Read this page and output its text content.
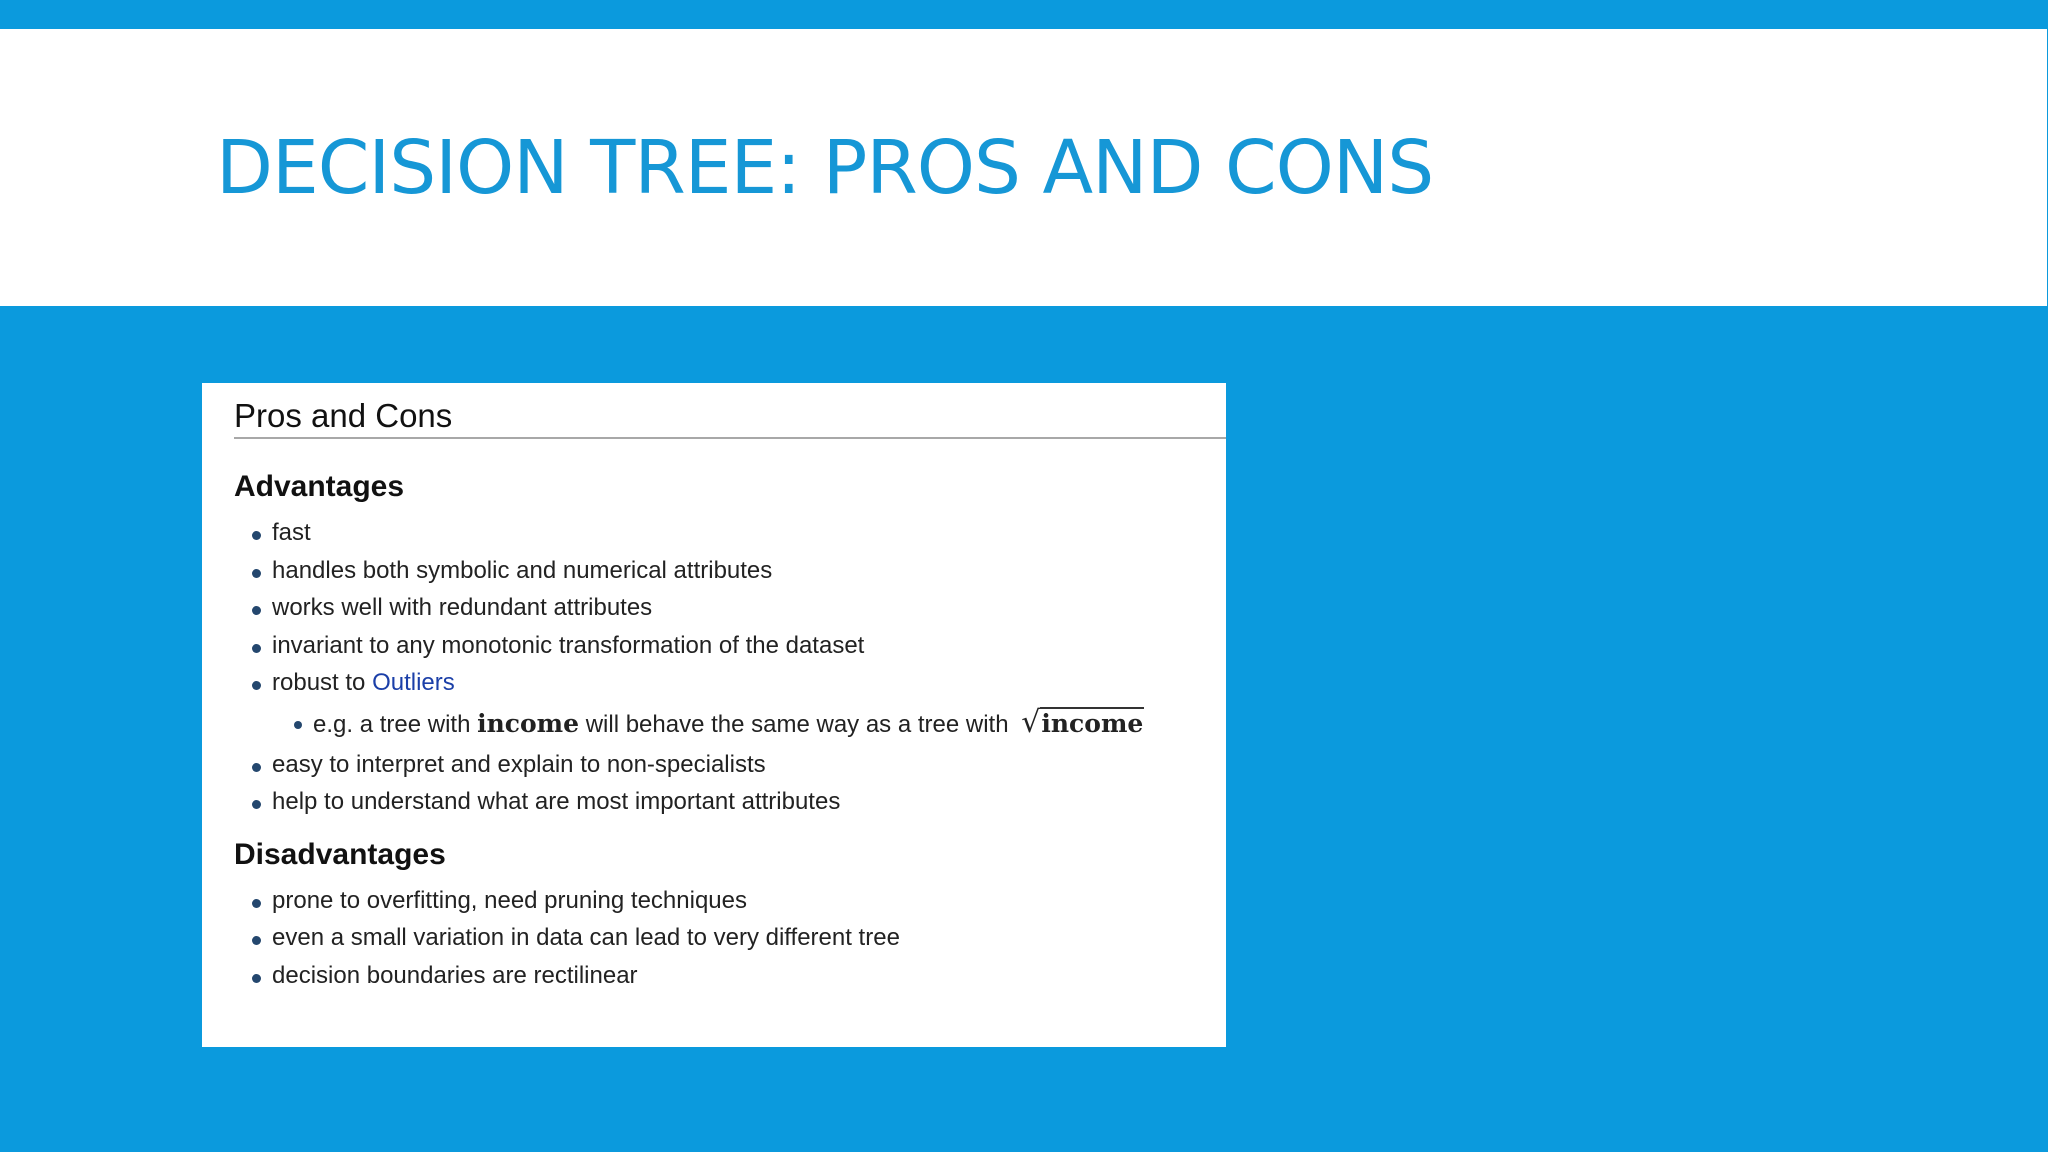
DECISION TREE: PROS AND CONS
Pros and Cons
Advantages
fast
handles both symbolic and numerical attributes
works well with redundant attributes
invariant to any monotonic transformation of the dataset
robust to Outliers
e.g. a tree with income will behave the same way as a tree with √income
easy to interpret and explain to non-specialists
help to understand what are most important attributes
Disadvantages
prone to overfitting, need pruning techniques
even a small variation in data can lead to very different tree
decision boundaries are rectilinear
